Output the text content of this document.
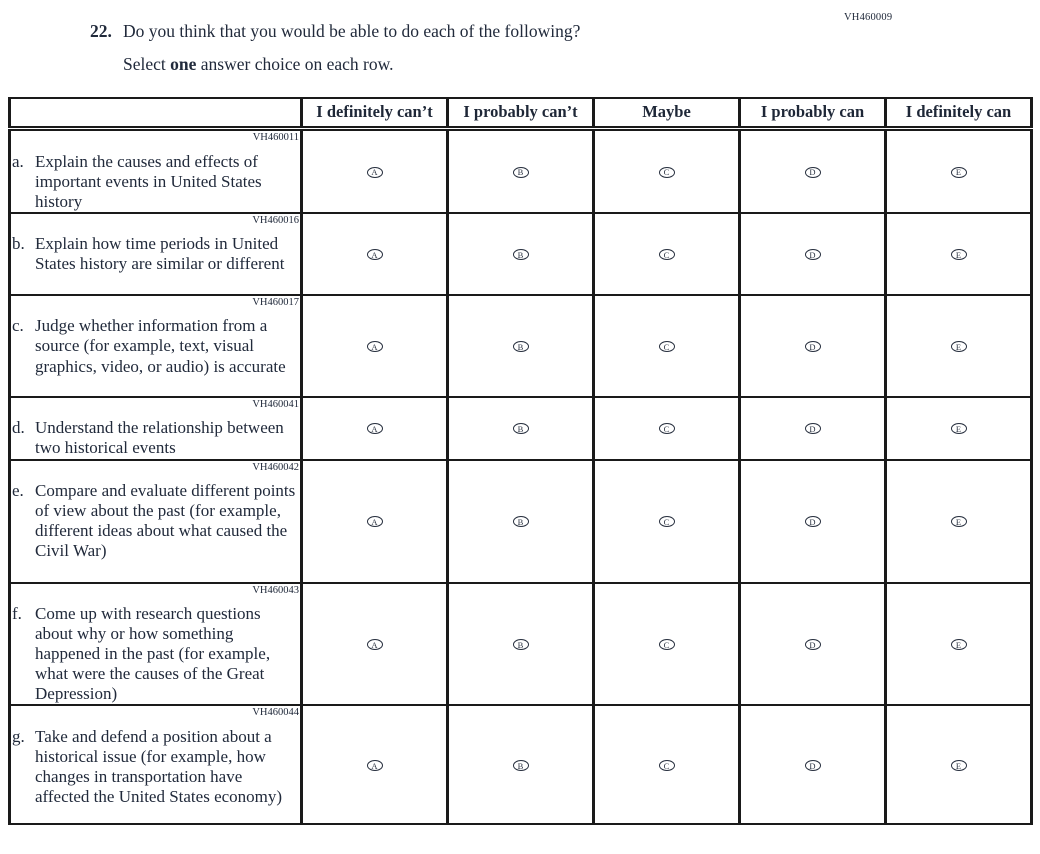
VH460009
22. Do you think that you would be able to do each of the following?
Select one answer choice on each row.
	I definitely can’t	I probably can’t	Maybe	I probably can	I definitely can

VH460011
a. Explain the causes and effects of important events in United States history	A	B	C	D	E

VH460016
b. Explain how time periods in United States history are similar or different	A	B	C	D	E

VH460017
c. Judge whether information from a source (for example, text, visual graphics, video, or audio) is accurate	A	B	C	D	E

VH460041
d. Understand the relationship between two historical events	A	B	C	D	E

VH460042
e. Compare and evaluate different points of view about the past (for example, different ideas about what caused the Civil War)	A	B	C	D	E

VH460043
f. Come up with research questions about why or how something happened in the past (for example, what were the causes of the Great Depression)	A	B	C	D	E

VH460044
g. Take and defend a position about a historical issue (for example, how changes in transportation have affected the United States economy)	A	B	C	D	E
